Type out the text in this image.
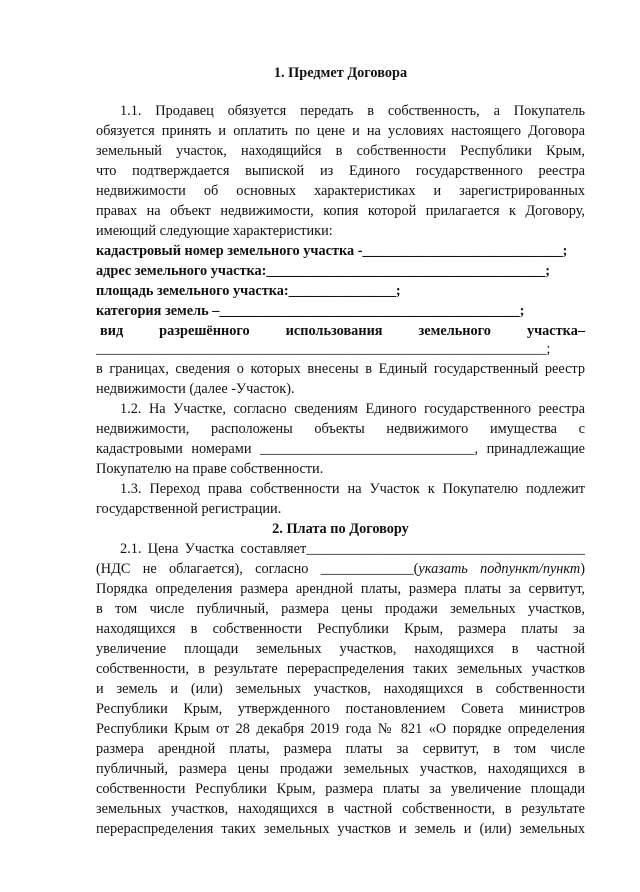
1. Предмет Договора
1.1. Продавец обязуется передать в собственность, а Покупатель
обязуется принять и оплатить по цене и на условиях настоящего Договора
земельный участок, находящийся в собственности Республики Крым,
что подтверждается выпиской из Единого государственного реестра
недвижимости об основных характеристиках и зарегистрированных
правах на объект недвижимости, копия которой прилагается к Договору,
имеющий следующие характеристики:
кадастровый номер земельного участка -____________________________;
адрес земельного участка:_______________________________________;
площадь земельного участка:_______________;
категория земель –__________________________________________;
вид разрешённого использования земельного участка–
_______________________________________________________________;
в границах, сведения о которых внесены в Единый государственный реестр
недвижимости (далее -Участок).
1.2. На Участке, согласно сведениям Единого государственного реестра
недвижимости, расположены объекты недвижимого имущества с
кадастровыми номерами ______________________________, принадлежащие
Покупателю на праве собственности.
1.3. Переход права собственности на Участок к Покупателю подлежит
государственной регистрации.
2. Плата по Договору
2.1. Цена Участка составляет_______________________________________
(НДС не облагается), согласно _____________(указать подпункт/пункт)
Порядка определения размера арендной платы, размера платы за сервитут,
в том числе публичный, размера цены продажи земельных участков,
находящихся в собственности Республики Крым, размера платы за
увеличение площади земельных участков, находящихся в частной
собственности, в результате перераспределения таких земельных участков
и земель и (или) земельных участков, находящихся в собственности
Республики Крым, утвержденного постановлением Совета министров
Республики Крым от 28 декабря 2019 года № 821 «О порядке определения
размера арендной платы, размера платы за сервитут, в том числе
публичный, размера цены продажи земельных участков, находящихся в
собственности Республики Крым, размера платы за увеличение площади
земельных участков, находящихся в частной собственности, в результате
перераспределения таких земельных участков и земель и (или) земельных
